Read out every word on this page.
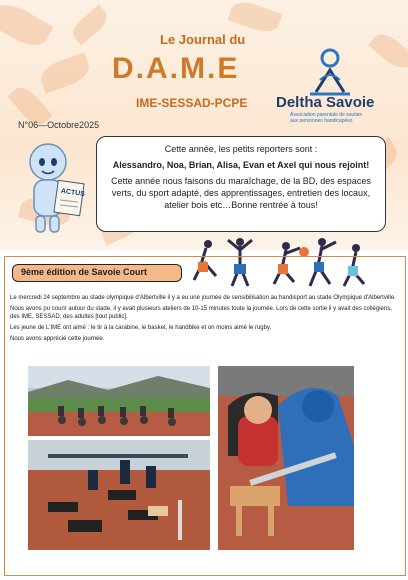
Le Journal du
D.A.M.E
IME-SESSAD-PCPE
N°06—Octobre2025
Deltha Savoie
Association parentale de soutien aux personnes handicapées
ACTUS

Cette année, les petits reporters sont :

Alessandro, Noa, Brian, Alisa, Evan et Axel qui nous rejoint!

Cette année nous faisons du maraîchage, de la BD, des espaces verts, du sport adapté, des apprentissages, entretien des locaux, atelier bois etc…Bonne rentrée à tous!

9ème édition de Savoie Court

Le mercredi 24 septembre au stade olympique d'Albertville il y a eu une journée de sensibilisation au handisport au stade Olympique d'Albertville.

Nous avons pu courir autour du stade, il y avait plusieurs ateliers de 10-15 minutes toute la journée. Lors de cette sortie il y avait des collégiens, des IME, SESSAD, des adultes [tout public].

Les jeune de L'IME ont aimé : le tir à la carabine, le basket, le handbike et on moins aimé le rugby.

Nous avons apprécié cette journée.
